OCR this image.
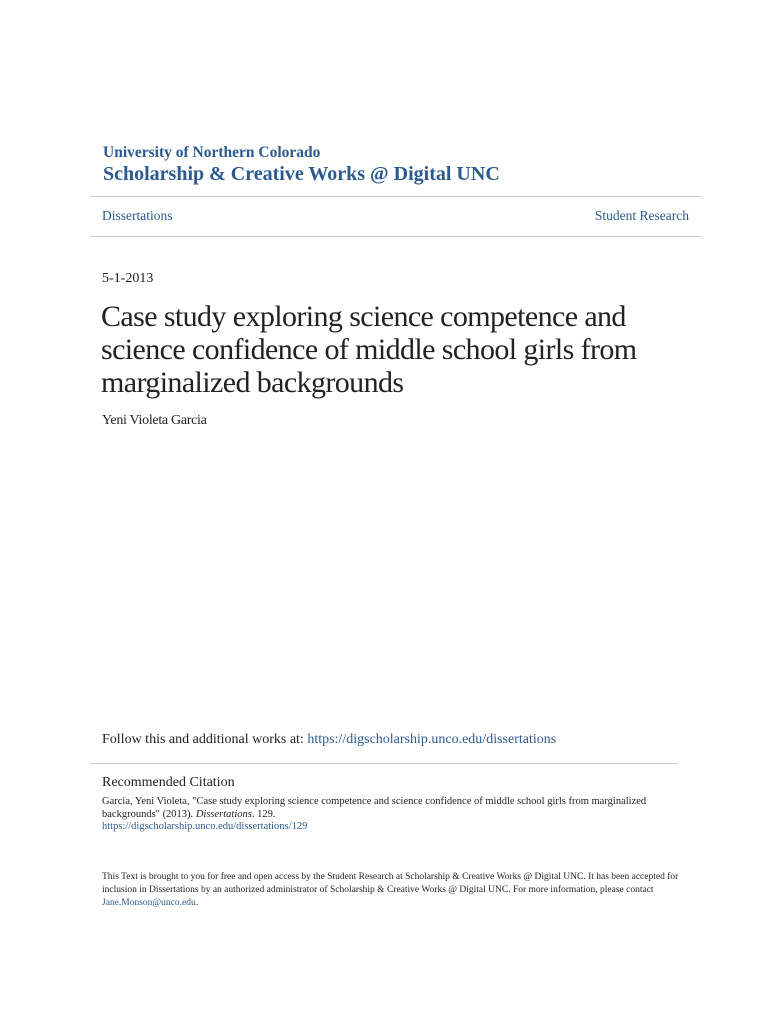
University of Northern Colorado
Scholarship & Creative Works @ Digital UNC
Dissertations	Student Research
5-1-2013
Case study exploring science competence and science confidence of middle school girls from marginalized backgrounds
Yeni Violeta Garcia
Follow this and additional works at: https://digscholarship.unco.edu/dissertations
Recommended Citation
Garcia, Yeni Violeta, "Case study exploring science competence and science confidence of middle school girls from marginalized backgrounds" (2013). Dissertations. 129.
https://digscholarship.unco.edu/dissertations/129
This Text is brought to you for free and open access by the Student Research at Scholarship & Creative Works @ Digital UNC. It has been accepted for inclusion in Dissertations by an authorized administrator of Scholarship & Creative Works @ Digital UNC. For more information, please contact Jane.Monson@unco.edu.
